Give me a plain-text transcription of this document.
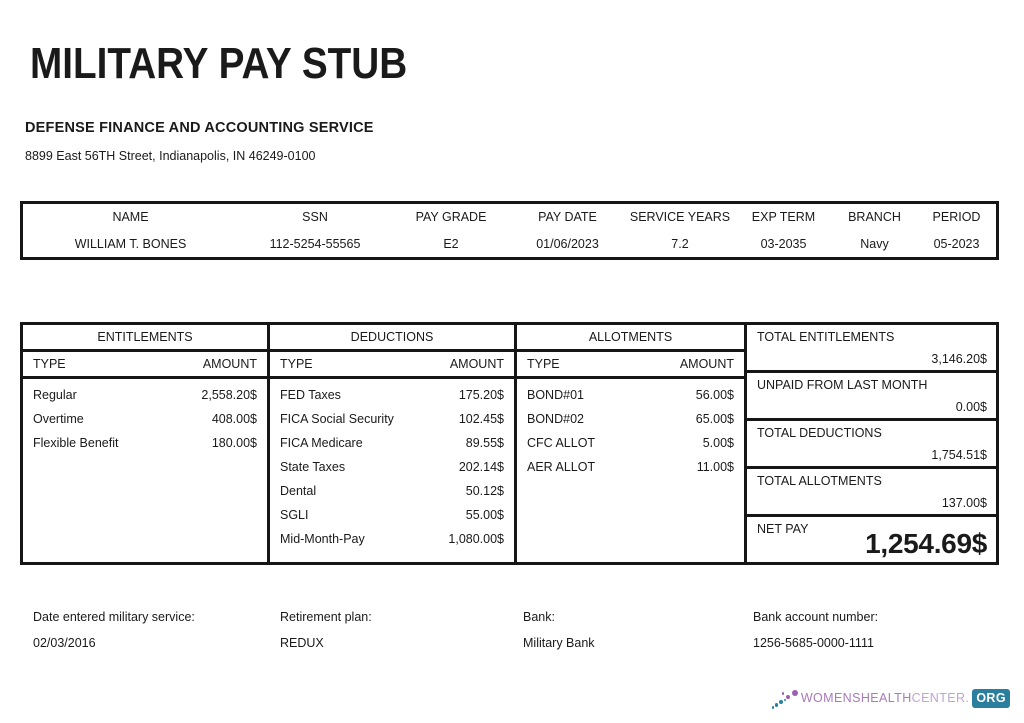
MILITARY PAY STUB
DEFENSE FINANCE AND ACCOUNTING SERVICE
8899 East 56TH Street, Indianapolis, IN 46249-0100
NAME	SSN	PAY GRADE	PAY DATE	SERVICE YEARS	EXP TERM	BRANCH	PERIOD
WILLIAM T. BONES	112-5254-55565	E2	01/06/2023	7.2	03-2035	Navy	05-2023
ENTITLEMENTS
TYPE	AMOUNT
Regular	2,558.20$
Overtime	408.00$
Flexible Benefit	180.00$
DEDUCTIONS
TYPE	AMOUNT
FED Taxes	175.20$
FICA Social Security	102.45$
FICA Medicare	89.55$
State Taxes	202.14$
Dental	50.12$
SGLI	55.00$
Mid-Month-Pay	1,080.00$
ALLOTMENTS
TYPE	AMOUNT
BOND#01	56.00$
BOND#02	65.00$
CFC ALLOT	5.00$
AER ALLOT	11.00$
TOTAL ENTITLEMENTS
3,146.20$
UNPAID FROM LAST MONTH
0.00$
TOTAL DEDUCTIONS
1,754.51$
TOTAL ALLOTMENTS
137.00$
NET PAY 1,254.69$
Date entered military service:
02/03/2016
Retirement plan:
REDUX
Bank:
Military Bank
Bank account number:
1256-5685-0000-1111
WOMENSHEALTH CENTER. ORG
